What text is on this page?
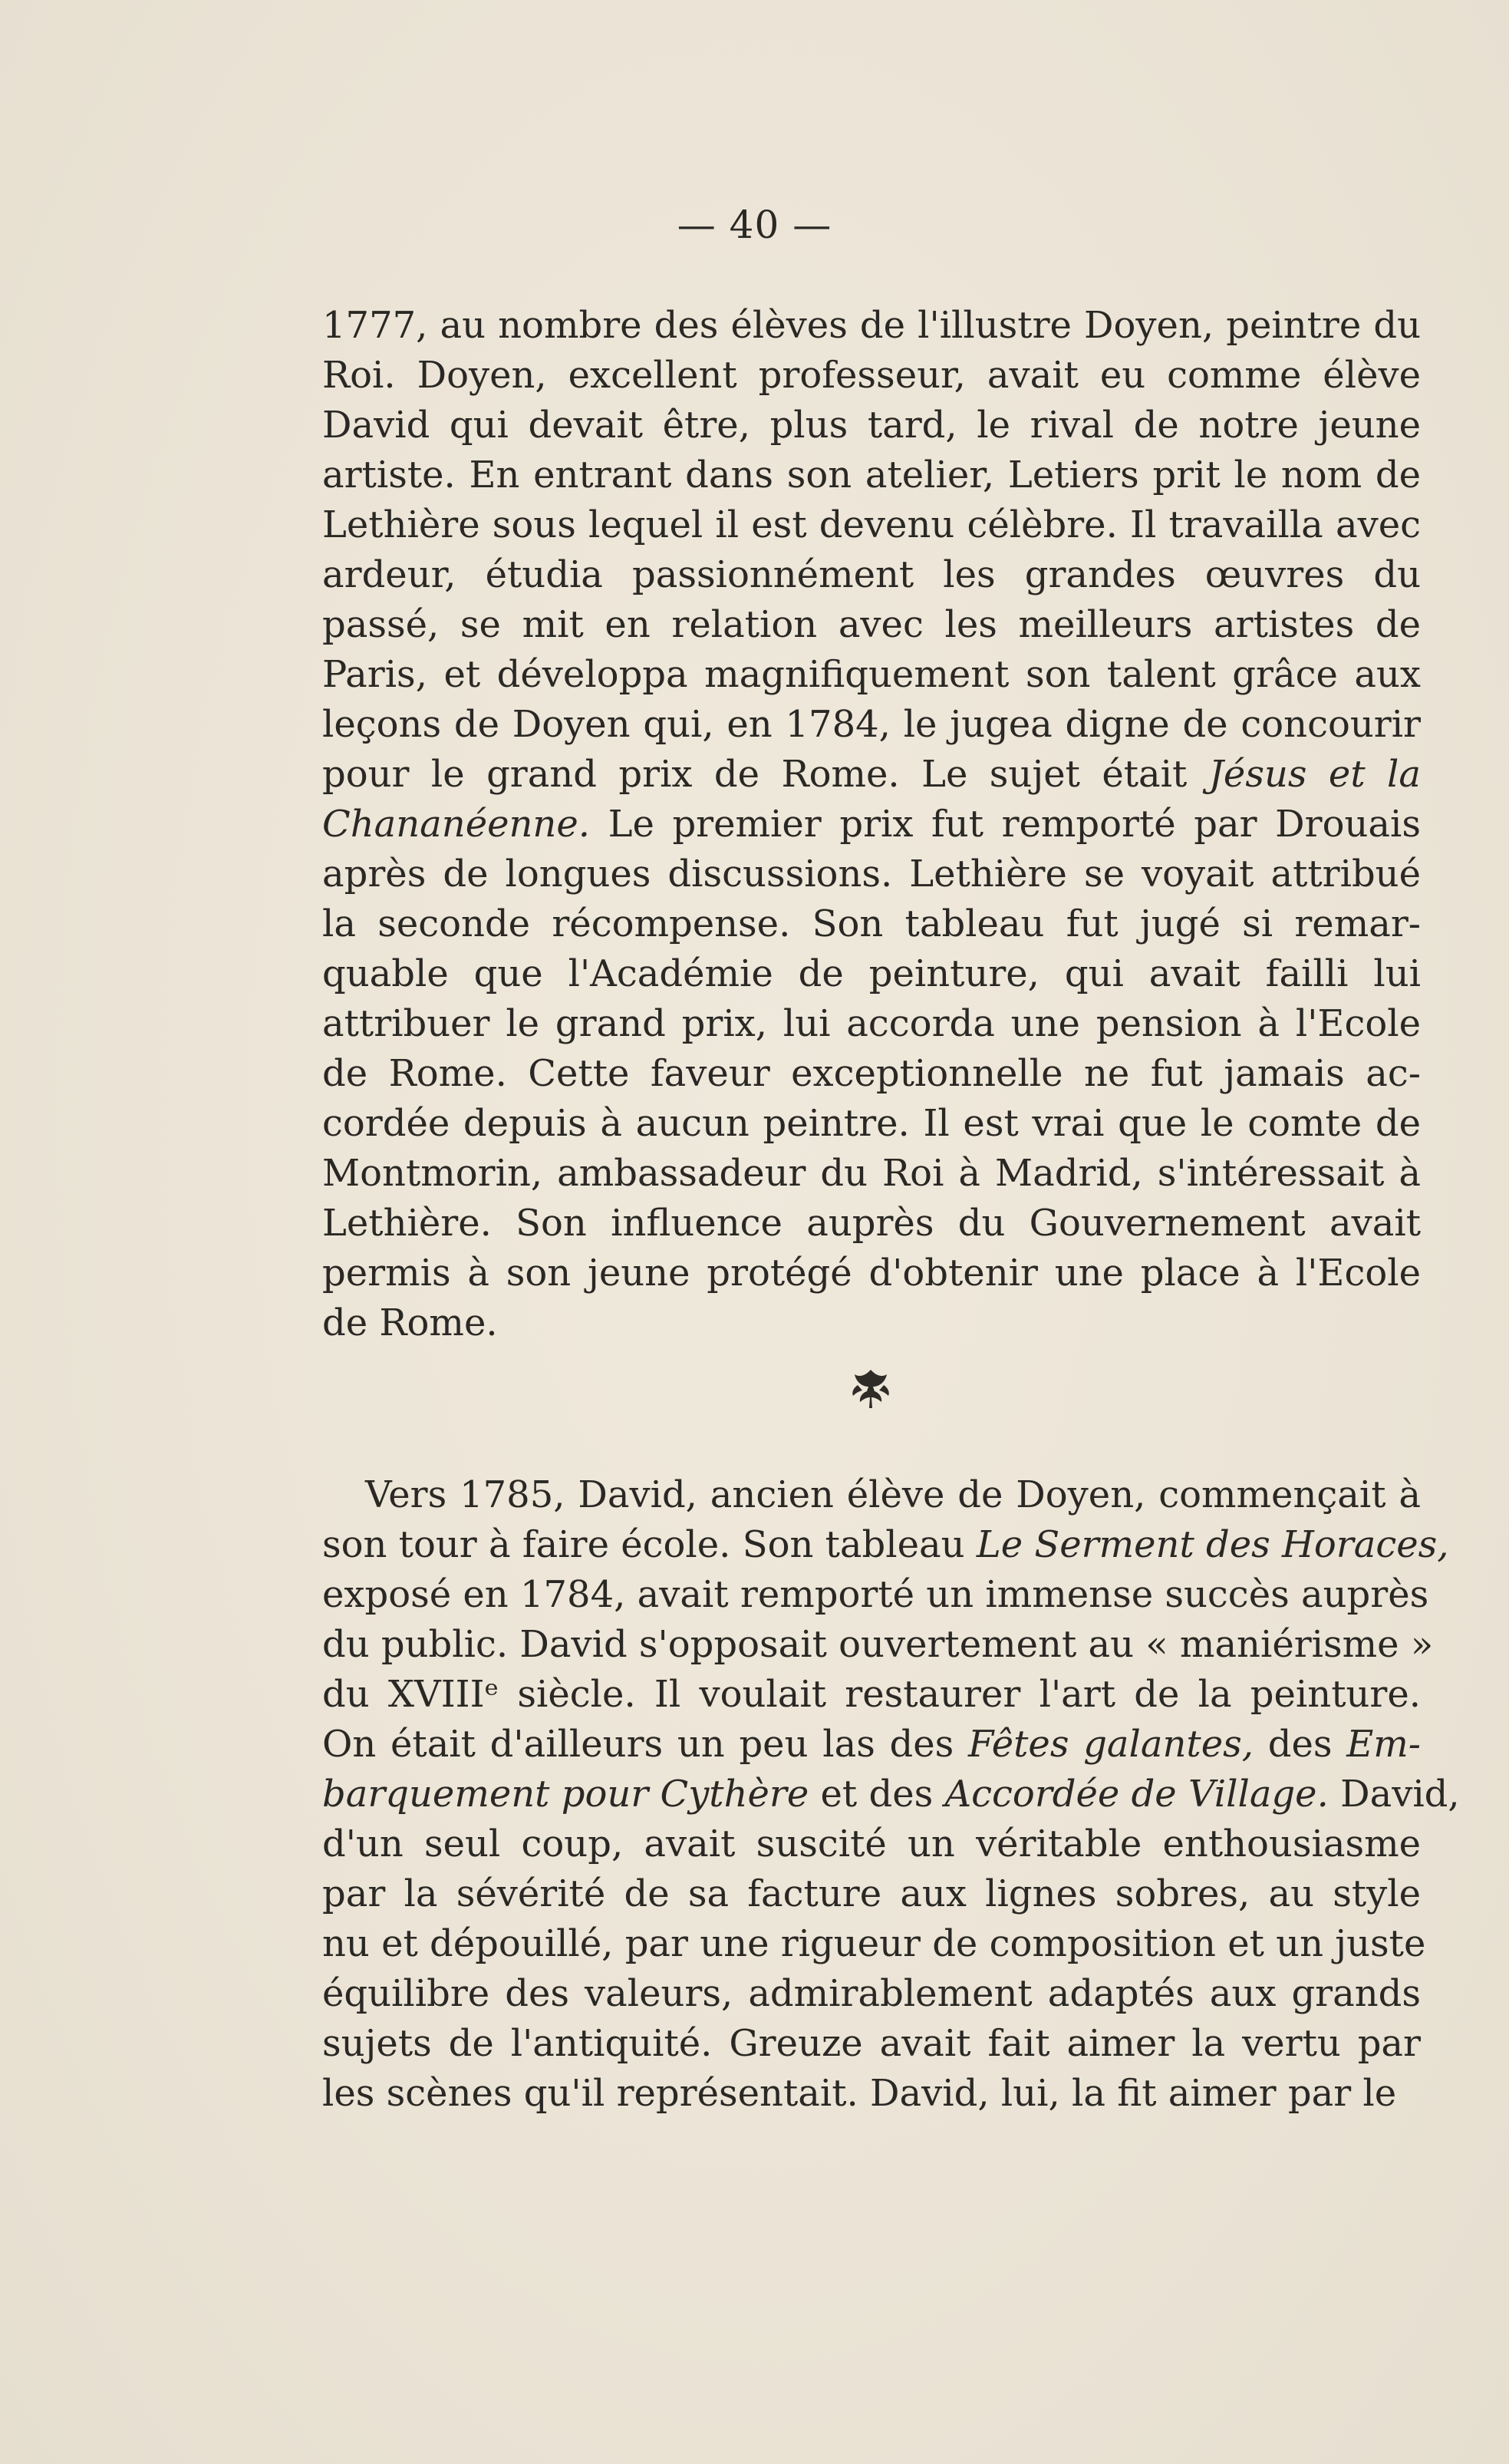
— 40 —
1777, au nombre des élèves de l'illustre Doyen, peintre du
Roi. Doyen, excellent professeur, avait eu comme élève
David qui devait être, plus tard, le rival de notre jeune
artiste. En entrant dans son atelier, Letiers prit le nom de
Lethière sous lequel il est devenu célèbre. Il travailla avec
ardeur, étudia passionnément les grandes œuvres du
passé, se mit en relation avec les meilleurs artistes de
Paris, et développa magnifiquement son talent grâce aux
leçons de Doyen qui, en 1784, le jugea digne de concourir
pour le grand prix de Rome. Le sujet était Jésus et la
Chananéenne. Le premier prix fut remporté par Drouais
après de longues discussions. Lethière se voyait attribué
la seconde récompense. Son tableau fut jugé si remar-
quable que l'Académie de peinture, qui avait failli lui
attribuer le grand prix, lui accorda une pension à l'Ecole
de Rome. Cette faveur exceptionnelle ne fut jamais ac-
cordée depuis à aucun peintre. Il est vrai que le comte de
Montmorin, ambassadeur du Roi à Madrid, s'intéressait à
Lethière. Son influence auprès du Gouvernement avait
permis à son jeune protégé d'obtenir une place à l'Ecole
de Rome.
Vers 1785, David, ancien élève de Doyen, commençait à
son tour à faire école. Son tableau Le Serment des Horaces,
exposé en 1784, avait remporté un immense succès auprès
du public. David s'opposait ouvertement au « maniérisme »
du XVIIIᵉ siècle. Il voulait restaurer l'art de la peinture.
On était d'ailleurs un peu las des Fêtes galantes, des Em-
barquement pour Cythère et des Accordée de Village. David,
d'un seul coup, avait suscité un véritable enthousiasme
par la sévérité de sa facture aux lignes sobres, au style
nu et dépouillé, par une rigueur de composition et un juste
équilibre des valeurs, admirablement adaptés aux grands
sujets de l'antiquité. Greuze avait fait aimer la vertu par
les scènes qu'il représentait. David, lui, la fit aimer par le
